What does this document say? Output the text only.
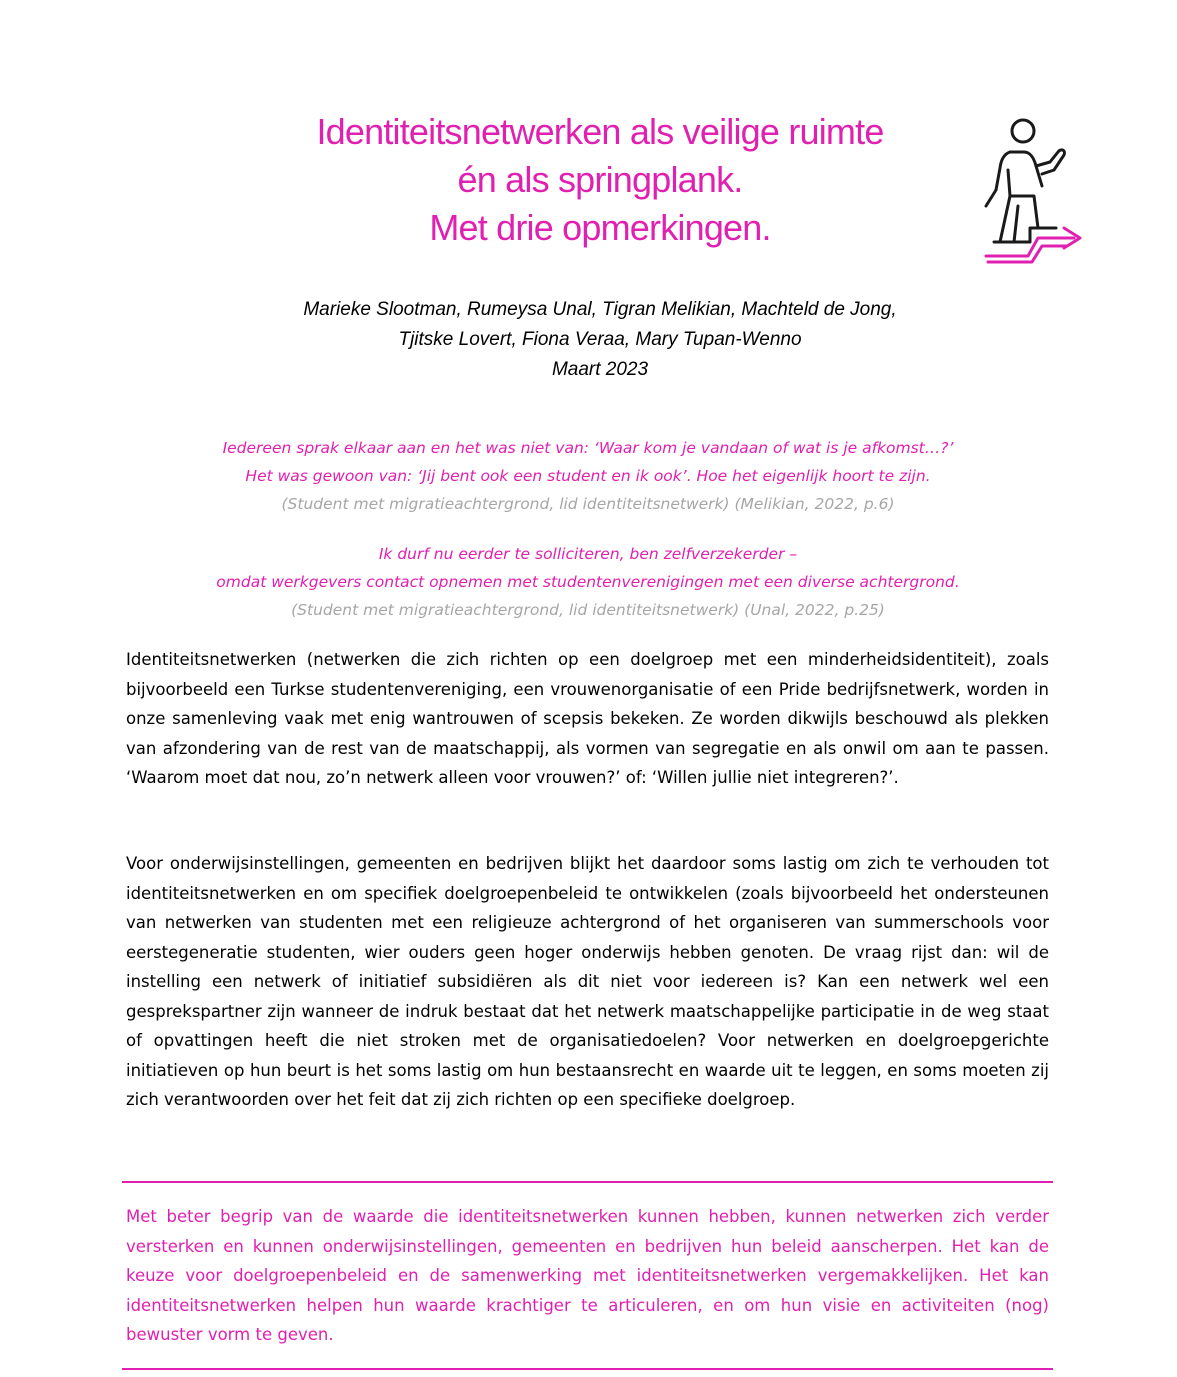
Identiteitsnetwerken als veilige ruimte
én als springplank.
Met drie opmerkingen.
Marieke Slootman, Rumeysa Unal, Tigran Melikian, Machteld de Jong,
Tjitske Lovert, Fiona Veraa, Mary Tupan-Wenno
Maart 2023
Iedereen sprak elkaar aan en het was niet van: ‘Waar kom je vandaan of wat is je afkomst…?’
Het was gewoon van: ‘Jij bent ook een student en ik ook’. Hoe het eigenlijk hoort te zijn.
(Student met migratieachtergrond, lid identiteitsnetwerk) (Melikian, 2022, p.6)
Ik durf nu eerder te solliciteren, ben zelfverzekerder –
omdat werkgevers contact opnemen met studentenverenigingen met een diverse achtergrond.
(Student met migratieachtergrond, lid identiteitsnetwerk) (Unal, 2022, p.25)

Identiteitsnetwerken (netwerken die zich richten op een doelgroep met een minderheidsidentiteit), zoals bijvoorbeeld een Turkse studentenvereniging, een vrouwenorganisatie of een Pride bedrijfsnetwerk, worden in onze samenleving vaak met enig wantrouwen of scepsis bekeken. Ze worden dikwijls beschouwd als plekken van afzondering van de rest van de maatschappij, als vormen van segregatie en als onwil om aan te passen. ‘Waarom moet dat nou, zo’n netwerk alleen voor vrouwen?’ of: ‘Willen jullie niet integreren?’.

Voor onderwijsinstellingen, gemeenten en bedrijven blijkt het daardoor soms lastig om zich te verhouden tot identiteitsnetwerken en om specifiek doelgroepenbeleid te ontwikkelen (zoals bijvoorbeeld het ondersteunen van netwerken van studenten met een religieuze achtergrond of het organiseren van summerschools voor eerstegeneratie studenten, wier ouders geen hoger onderwijs hebben genoten. De vraag rijst dan: wil de instelling een netwerk of initiatief subsidiëren als dit niet voor iedereen is? Kan een netwerk wel een gesprekspartner zijn wanneer de indruk bestaat dat het netwerk maatschappelijke participatie in de weg staat of opvattingen heeft die niet stroken met de organisatiedoelen? Voor netwerken en doelgroepgerichte initiatieven op hun beurt is het soms lastig om hun bestaansrecht en waarde uit te leggen, en soms moeten zij zich verantwoorden over het feit dat zij zich richten op een specifieke doelgroep.

Met beter begrip van de waarde die identiteitsnetwerken kunnen hebben, kunnen netwerken zich verder versterken en kunnen onderwijsinstellingen, gemeenten en bedrijven hun beleid aanscherpen. Het kan de keuze voor doelgroepenbeleid en de samenwerking met identiteitsnetwerken vergemakkelijken. Het kan identiteitsnetwerken helpen hun waarde krachtiger te articuleren, en om hun visie en activiteiten (nog) bewuster vorm te geven.
